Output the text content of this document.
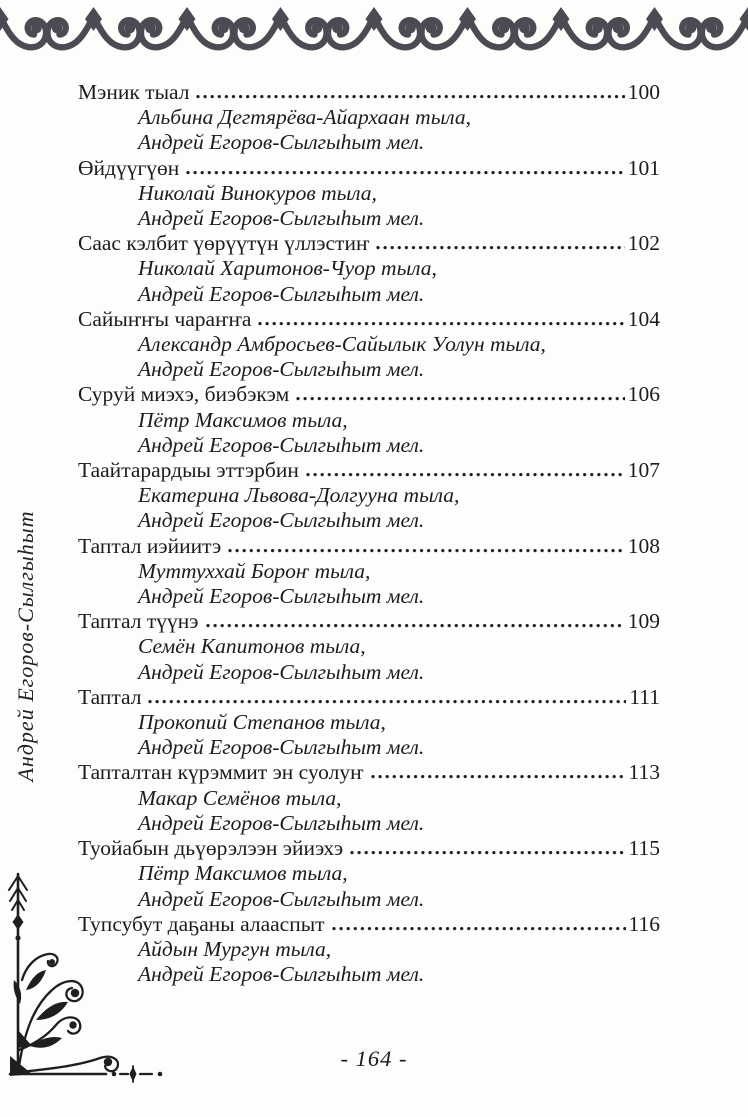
Андрей Егоров-Сылгыһыт
Мэник тыал	100
Альбина Дегтярёва-Айархаан тыла,
Андрей Егоров-Сылгыһыт мел.
Өйдүүгүөн	101
Николай Винокуров тыла,
Андрей Егоров-Сылгыһыт мел.
Саас кэлбит үөрүүтүн үллэстиҥ	102
Николай Харитонов-Чуор тыла,
Андрей Егоров-Сылгыһыт мел.
Сайыҥҥы чараҥҥа	104
Александр Амбросьев-Сайылык Уолун тыла,
Андрей Егоров-Сылгыһыт мел.
Суруй миэхэ, биэбэкэм	106
Пётр Максимов тыла,
Андрей Егоров-Сылгыһыт мел.
Таайтарардыы эттэрбин	107
Екатерина Львова-Долгууна тыла,
Андрей Егоров-Сылгыһыт мел.
Таптал иэйиитэ	108
Муттуххай Бороҥ тыла,
Андрей Егоров-Сылгыһыт мел.
Таптал түүнэ	109
Семён Капитонов тыла,
Андрей Егоров-Сылгыһыт мел.
Таптал	111
Прокопий Степанов тыла,
Андрей Егоров-Сылгыһыт мел.
Тапталтан күрэммит эн суолуҥ	113
Макар Семёнов тыла,
Андрей Егоров-Сылгыһыт мел.
Туойабын дьүөрэлээн эйиэхэ	115
Пётр Максимов тыла,
Андрей Егоров-Сылгыһыт мел.
Тупсубут даҕаны алааспыт	116
Айдын Мургун тыла,
Андрей Егоров-Сылгыһыт мел.
- 164 -
